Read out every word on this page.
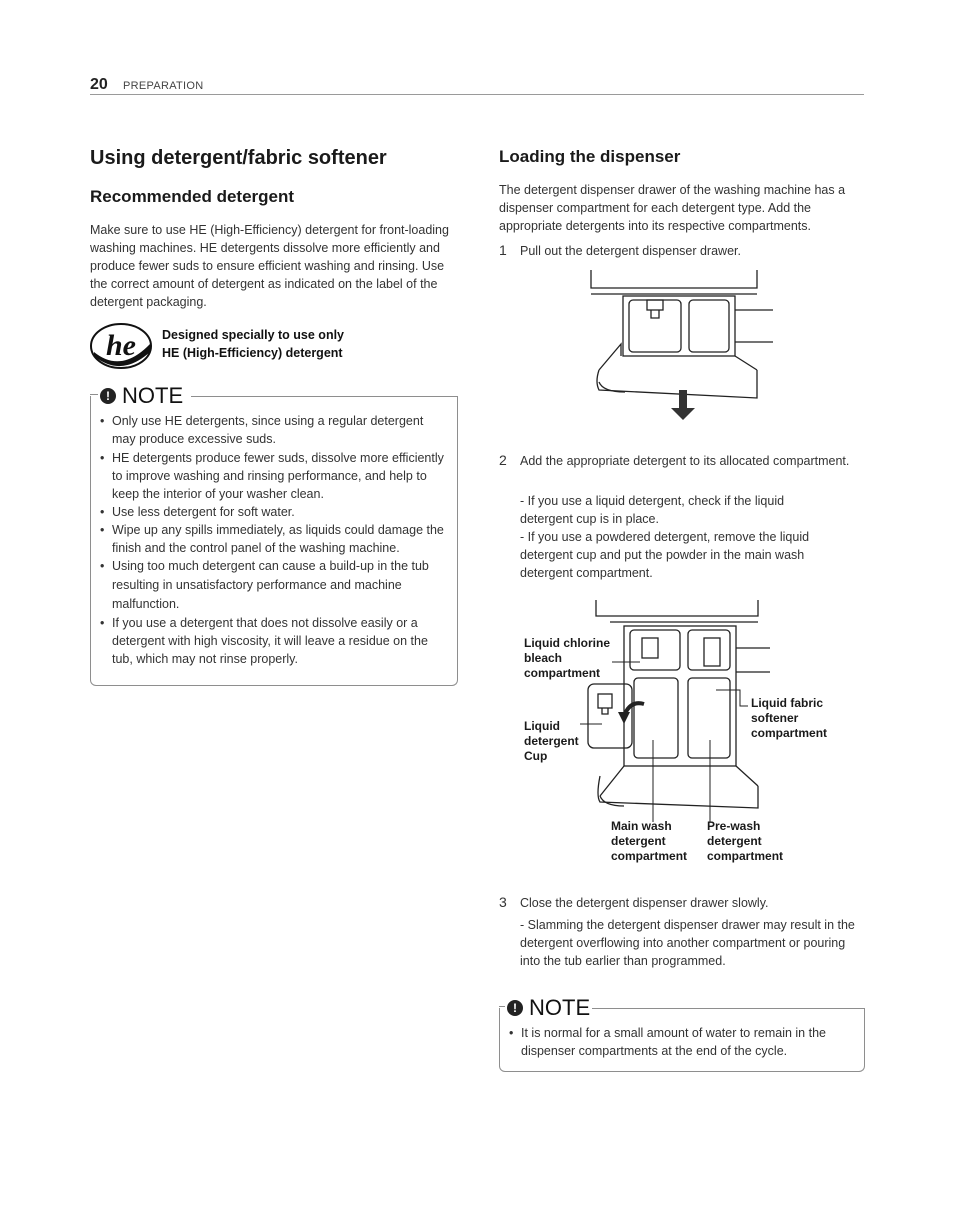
20 PREPARATION
Using detergent/fabric softener
Recommended detergent

Make sure to use HE (High-Efficiency) detergent for front-loading washing machines. HE detergents dissolve more efficiently and produce fewer suds to ensure efficient washing and rinsing. Use the correct amount of detergent as indicated on the label of the detergent packaging.

he Designed specially to use only
HE (High-Efficiency) detergent
! NOTE
• Only use HE detergents, since using a regular detergent may produce excessive suds.
• HE detergents produce fewer suds, dissolve more efficiently to improve washing and rinsing performance, and help to keep the interior of your washer clean.
• Use less detergent for soft water.
• Wipe up any spills immediately, as liquids could damage the finish and the control panel of the washing machine.
• Using too much detergent can cause a build-up in the tub resulting in unsatisfactory performance and machine malfunction.
• If you use a detergent that does not dissolve easily or a detergent with high viscosity, it will leave a residue on the tub, which may not rinse properly.
Loading the dispenser

The detergent dispenser drawer of the washing machine has a dispenser compartment for each detergent type. Add the appropriate detergents into its respective compartments.

1 Pull out the detergent dispenser drawer.
2 Add the appropriate detergent to its allocated compartment.
- If you use a liquid detergent, check if the liquid detergent cup is in place.
- If you use a powdered detergent, remove the liquid detergent cup and put the powder in the main wash detergent compartment.
Liquid chlorine
bleach
compartment
Liquid fabric
softener
compartment
Liquid
detergent
Cup
Main wash
detergent
compartment
Pre-wash
detergent
compartment
3 Close the detergent dispenser drawer slowly.
- Slamming the detergent dispenser drawer may result in the detergent overflowing into another compartment or pouring into the tub earlier than programmed.
! NOTE
• It is normal for a small amount of water to remain in the dispenser compartments at the end of the cycle.
